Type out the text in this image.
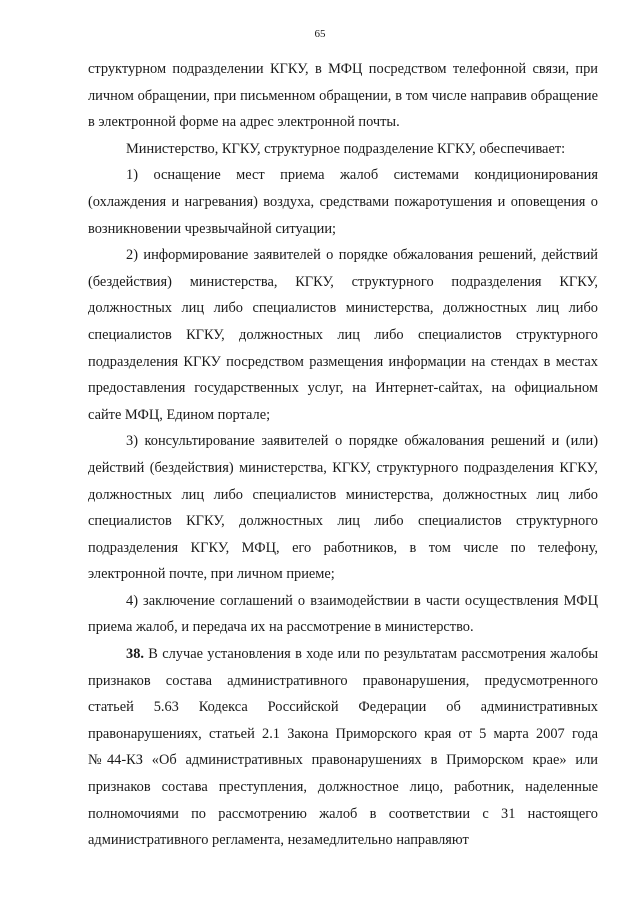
65

структурном подразделении КГКУ, в МФЦ посредством телефонной связи, при личном обращении, при письменном обращении, в том числе направив обращение в электронной форме на адрес электронной почты.

Министерство, КГКУ, структурное подразделение КГКУ, обеспечивает:

1) оснащение мест приема жалоб системами кондиционирования (охлаждения и нагревания) воздуха, средствами пожаротушения и оповещения о возникновении чрезвычайной ситуации;

2) информирование заявителей о порядке обжалования решений, действий (бездействия) министерства, КГКУ, структурного подразделения КГКУ, должностных лиц либо специалистов министерства, должностных лиц либо специалистов КГКУ, должностных лиц либо специалистов структурного подразделения КГКУ посредством размещения информации на стендах в местах предоставления государственных услуг, на Интернет-сайтах, на официальном сайте МФЦ, Едином портале;

3) консультирование заявителей о порядке обжалования решений и (или) действий (бездействия) министерства, КГКУ, структурного подразделения КГКУ, должностных лиц либо специалистов министерства, должностных лиц либо специалистов КГКУ, должностных лиц либо специалистов структурного подразделения КГКУ, МФЦ, его работников, в том числе по телефону, электронной почте, при личном приеме;

4) заключение соглашений о взаимодействии в части осуществления МФЦ приема жалоб, и передача их на рассмотрение в министерство.

38. В случае установления в ходе или по результатам рассмотрения жалобы признаков состава административного правонарушения, предусмотренного статьей 5.63 Кодекса Российской Федерации об административных правонарушениях, статьей 2.1 Закона Приморского края от 5 марта 2007 года №44-КЗ «Об административных правонарушениях в Приморском крае» или признаков состава преступления, должностное лицо, работник, наделенные полномочиями по рассмотрению жалоб в соответствии с 31 настоящего административного регламента, незамедлительно направляют
